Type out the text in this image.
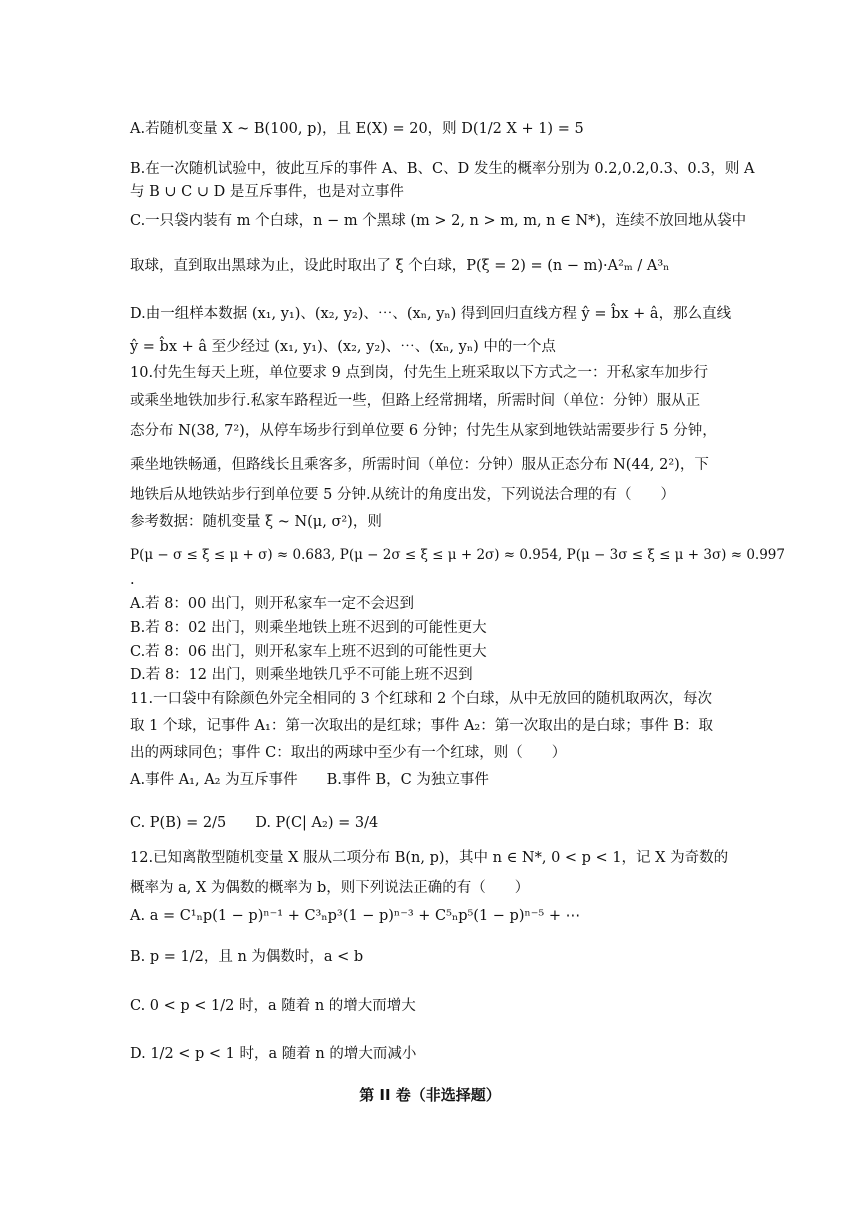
A.若随机变量 X ~ B(100, p)，且 E(X) = 20，则 D(1/2 X + 1) = 5
B.在一次随机试验中，彼此互斥的事件 A、B、C、D 发生的概率分别为 0.2,0.2,0.3、0.3，则 A
与 B ∪ C ∪ D 是互斥事件，也是对立事件
C.一只袋内装有 m 个白球，n − m 个黑球 (m > 2, n > m, m, n ∈ N*)，连续不放回地从袋中
取球，直到取出黑球为止，设此时取出了 ξ 个白球，P(ξ = 2) = (n − m)·A²ₘ / A³ₙ
D.由一组样本数据 (x₁, y₁)、(x₂, y₂)、⋯、(xₙ, yₙ) 得到回归直线方程 ŷ = b̂x + â，那么直线
ŷ = b̂x + â 至少经过 (x₁, y₁)、(x₂, y₂)、⋯、(xₙ, yₙ) 中的一个点
10.付先生每天上班，单位要求 9 点到岗，付先生上班采取以下方式之一：开私家车加步行
或乘坐地铁加步行.私家车路程近一些，但路上经常拥堵，所需时间（单位：分钟）服从正
态分布 N(38, 7²)，从停车场步行到单位要 6 分钟；付先生从家到地铁站需要步行 5 分钟，
乘坐地铁畅通，但路线长且乘客多，所需时间（单位：分钟）服从正态分布 N(44, 2²)，下
地铁后从地铁站步行到单位要 5 分钟.从统计的角度出发，下列说法合理的有（　　）
参考数据：随机变量 ξ ~ N(μ, σ²)，则
P(μ − σ ≤ ξ ≤ μ + σ) ≈ 0.683, P(μ − 2σ ≤ ξ ≤ μ + 2σ) ≈ 0.954, P(μ − 3σ ≤ ξ ≤ μ + 3σ) ≈ 0.997
.
A.若 8：00 出门，则开私家车一定不会迟到
B.若 8：02 出门，则乘坐地铁上班不迟到的可能性更大
C.若 8：06 出门，则开私家车上班不迟到的可能性更大
D.若 8：12 出门，则乘坐地铁几乎不可能上班不迟到
11.一口袋中有除颜色外完全相同的 3 个红球和 2 个白球，从中无放回的随机取两次，每次
取 1 个球，记事件 A₁：第一次取出的是红球；事件 A₂：第一次取出的是白球；事件 B：取
出的两球同色；事件 C：取出的两球中至少有一个红球，则（　　）
A.事件 A₁, A₂ 为互斥事件　　B.事件 B，C 为独立事件
C. P(B) = 2/5　　D. P(C| A₂) = 3/4
12.已知离散型随机变量 X 服从二项分布 B(n, p)，其中 n ∈ N*, 0 < p < 1，记 X 为奇数的
概率为 a, X 为偶数的概率为 b，则下列说法正确的有（　　）
A. a = C¹ₙp(1 − p)ⁿ⁻¹ + C³ₙp³(1 − p)ⁿ⁻³ + C⁵ₙp⁵(1 − p)ⁿ⁻⁵ + ⋯
B. p = 1/2，且 n 为偶数时，a < b
C. 0 < p < 1/2 时，a 随着 n 的增大而增大
D. 1/2 < p < 1 时，a 随着 n 的增大而减小
第 II 卷（非选择题）
